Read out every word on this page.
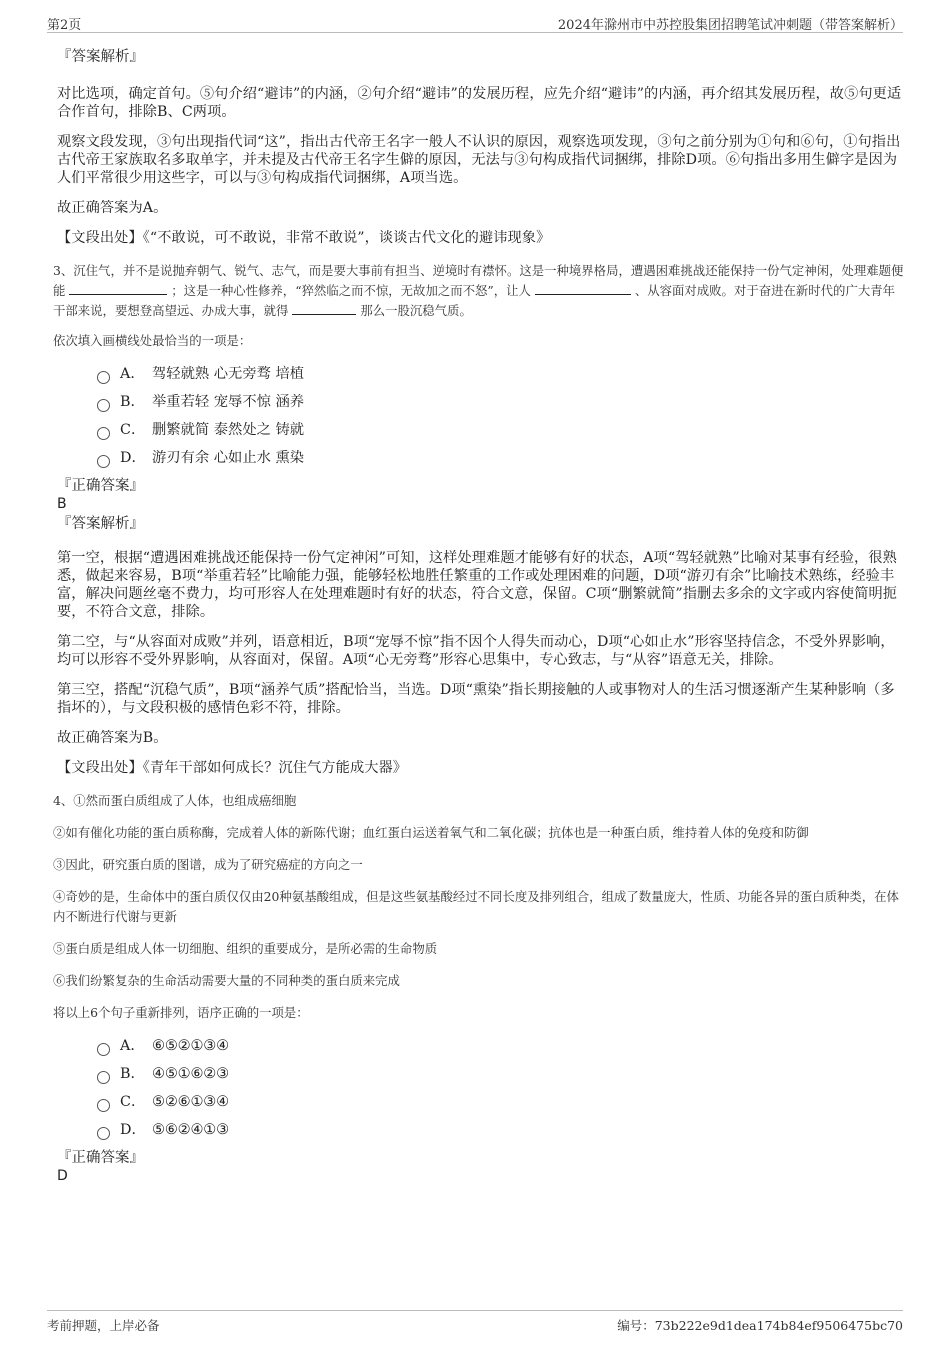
第2页	2024年滁州市中苏控股集团招聘笔试冲刺题（带答案解析）
『答案解析』

对比选项，确定首句。⑤句介绍“避讳”的内涵，②句介绍“避讳”的发展历程，应先介绍“避讳”的内涵，再介绍其发展历程，故⑤句更适合作首句，排除B、C两项。

观察文段发现，③句出现指代词“这”，指出古代帝王名字一般人不认识的原因，观察选项发现，③句之前分别为①句和⑥句，①句指出古代帝王家族取名多取单字，并未提及古代帝王名字生僻的原因，无法与③句构成指代词捆绑，排除D项。⑥句指出多用生僻字是因为人们平常很少用这些字，可以与③句构成指代词捆绑，A项当选。

故正确答案为A。

【文段出处】《“不敢说，可不敢说，非常不敢说”，谈谈古代文化的避讳现象》

3、沉住气，并不是说抛弃朝气、锐气、志气，而是要大事前有担当、逆境时有襟怀。这是一种境界格局，遭遇困难挑战还能保持一份气定神闲，处理难题便能	；这是一种心性修养，“猝然临之而不惊，无故加之而不怒”，让人	、从容面对成败。对于奋进在新时代的广大青年干部来说，要想登高望远、办成大事，就得	那么一股沉稳气质。

依次填入画横线处最恰当的一项是：

A． 驾轻就熟 心无旁骛 培植
B． 举重若轻 宠辱不惊 涵养
C． 删繁就简 泰然处之 铸就
D． 游刃有余 心如止水 熏染
『正确答案』
B
『答案解析』

第一空，根据“遭遇困难挑战还能保持一份气定神闲”可知，这样处理难题才能够有好的状态，A项“驾轻就熟”比喻对某事有经验，很熟悉，做起来容易，B项“举重若轻”比喻能力强，能够轻松地胜任繁重的工作或处理困难的问题，D项“游刃有余”比喻技术熟练，经验丰富，解决问题丝毫不费力，均可形容人在处理难题时有好的状态，符合文意，保留。C项“删繁就简”指删去多余的文字或内容使简明扼要，不符合文意，排除。

第二空，与“从容面对成败”并列，语意相近，B项“宠辱不惊”指不因个人得失而动心，D项“心如止水”形容坚持信念，不受外界影响，均可以形容不受外界影响，从容面对，保留。A项“心无旁骛”形容心思集中，专心致志，与“从容”语意无关，排除。

第三空，搭配“沉稳气质”，B项“涵养气质”搭配恰当，当选。D项“熏染”指长期接触的人或事物对人的生活习惯逐渐产生某种影响（多指坏的），与文段积极的感情色彩不符，排除。

故正确答案为B。

【文段出处】《青年干部如何成长？沉住气方能成大器》

4、①然而蛋白质组成了人体，也组成癌细胞

②如有催化功能的蛋白质称酶，完成着人体的新陈代谢；血红蛋白运送着氧气和二氧化碳；抗体也是一种蛋白质，维持着人体的免疫和防御

③因此，研究蛋白质的图谱，成为了研究癌症的方向之一

④奇妙的是，生命体中的蛋白质仅仅由20种氨基酸组成，但是这些氨基酸经过不同长度及排列组合，组成了数量庞大，性质、功能各异的蛋白质种类，在体内不断进行代谢与更新

⑤蛋白质是组成人体一切细胞、组织的重要成分，是所必需的生命物质

⑥我们纷繁复杂的生命活动需要大量的不同种类的蛋白质来完成

将以上6个句子重新排列，语序正确的一项是：

A． ⑥⑤②①③④
B． ④⑤①⑥②③
C． ⑤②⑥①③④
D． ⑤⑥②④①③
『正确答案』
D
考前押题，上岸必备	编号：73b222e9d1dea174b84ef9506475bc70
